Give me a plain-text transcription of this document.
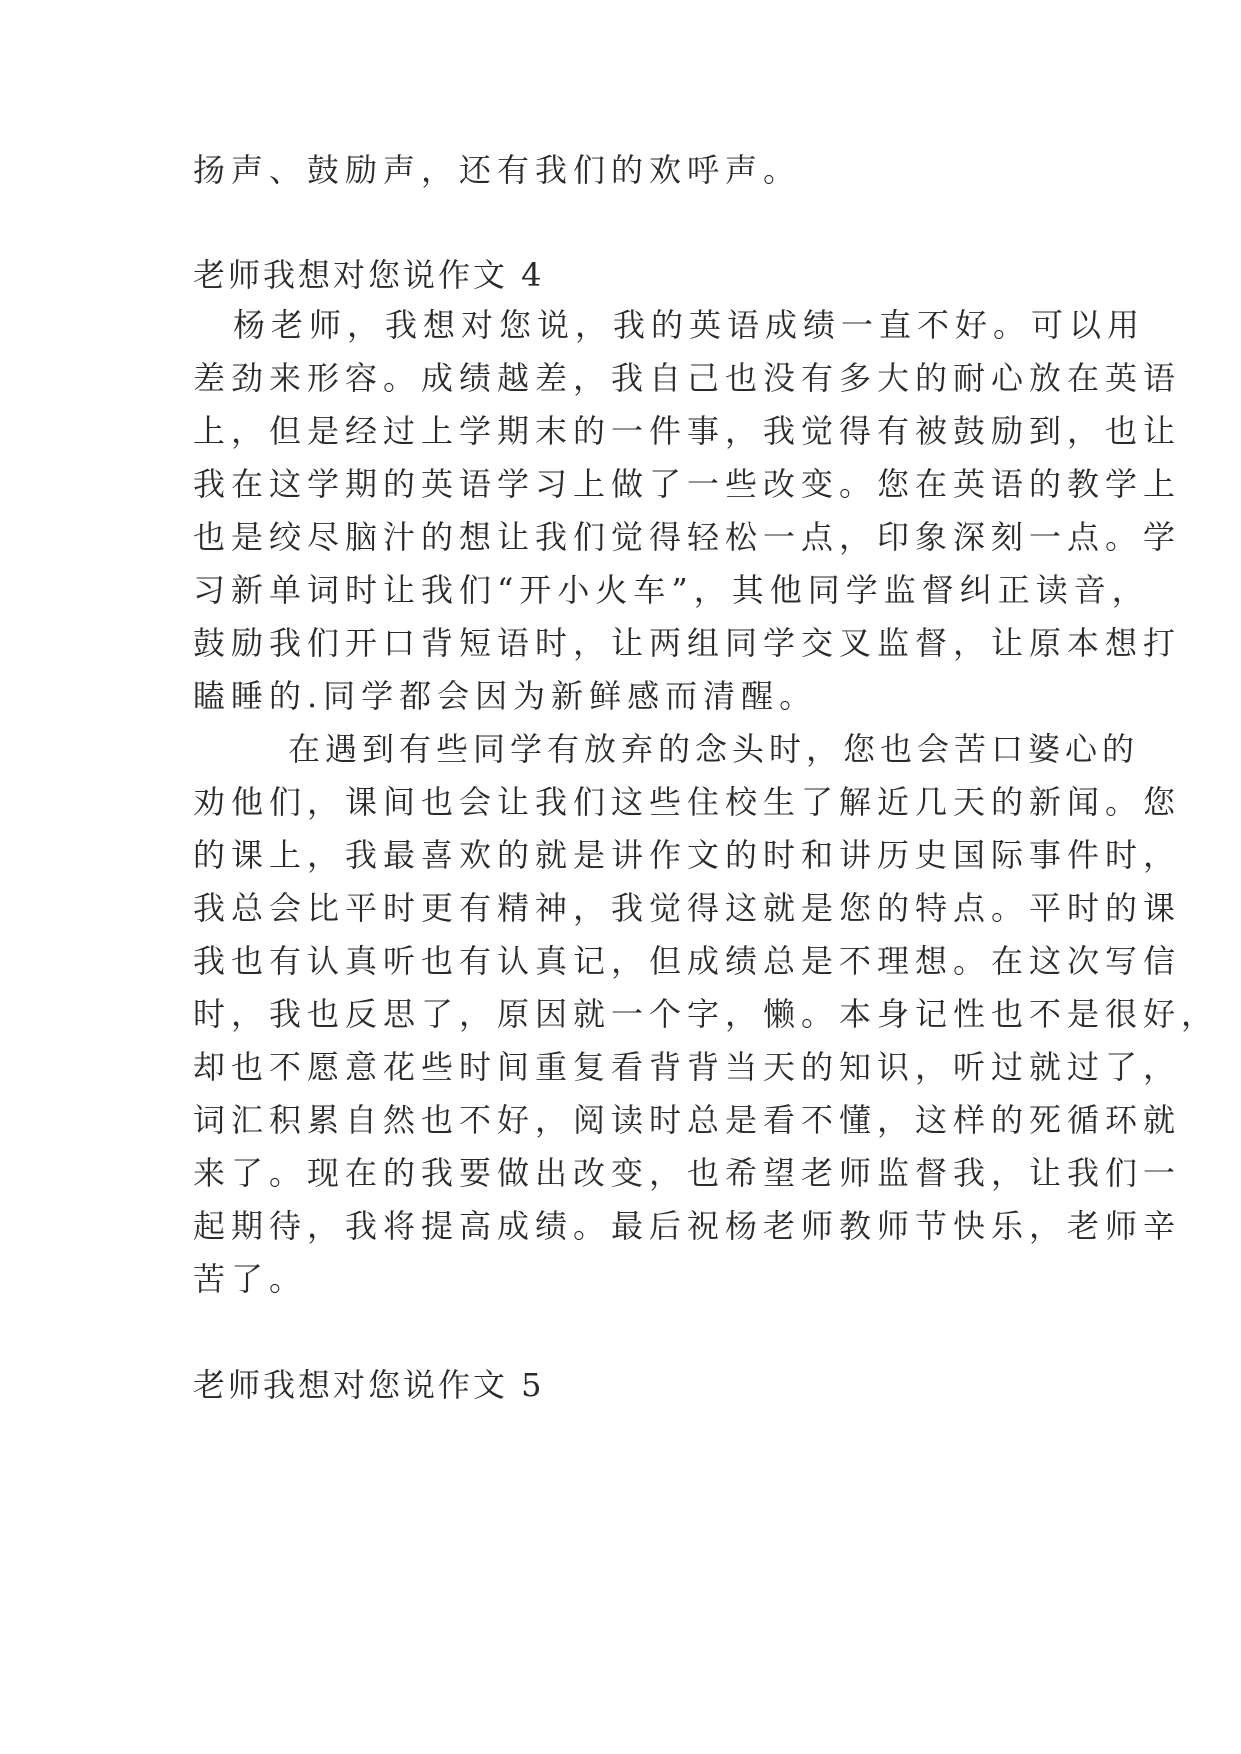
扬声、鼓励声，还有我们的欢呼声。
老师我想对您说作文 4
杨老师，我想对您说，我的英语成绩一直不好。可以用
差劲来形容。成绩越差，我自己也没有多大的耐心放在英语
上，但是经过上学期末的一件事，我觉得有被鼓励到，也让
我在这学期的英语学习上做了一些改变。您在英语的教学上
也是绞尽脑汁的想让我们觉得轻松一点，印象深刻一点。学
习新单词时让我们“开小火车”，其他同学监督纠正读音，
鼓励我们开口背短语时，让两组同学交叉监督，让原本想打
瞌睡的.同学都会因为新鲜感而清醒。
在遇到有些同学有放弃的念头时，您也会苦口婆心的
劝他们，课间也会让我们这些住校生了解近几天的新闻。您
的课上，我最喜欢的就是讲作文的时和讲历史国际事件时，
我总会比平时更有精神，我觉得这就是您的特点。平时的课
我也有认真听也有认真记，但成绩总是不理想。在这次写信
时，我也反思了，原因就一个字，懒。本身记性也不是很好，
却也不愿意花些时间重复看背背当天的知识，听过就过了，
词汇积累自然也不好，阅读时总是看不懂，这样的死循环就
来了。现在的我要做出改变，也希望老师监督我，让我们一
起期待，我将提高成绩。最后祝杨老师教师节快乐，老师辛
苦了。
老师我想对您说作文 5
